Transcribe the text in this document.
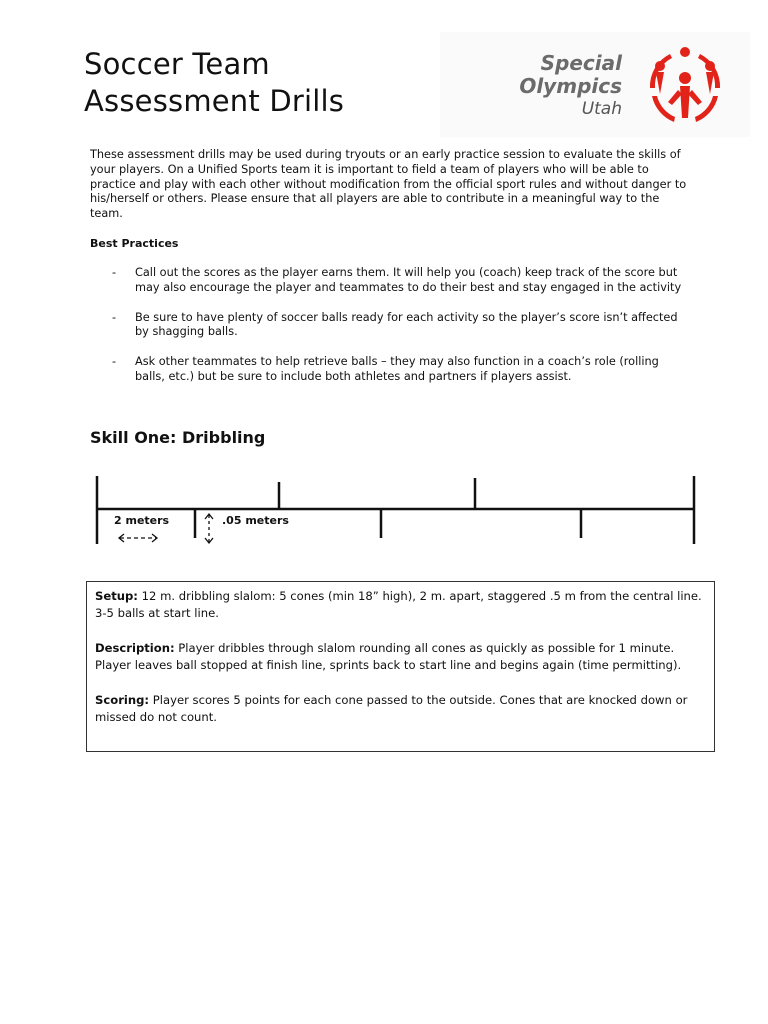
Soccer Team
Assessment Drills
Special
Olympics
Utah
These assessment drills may be used during tryouts or an early practice session to evaluate the skills of your players. On a Unified Sports team it is important to field a team of players who will be able to practice and play with each other without modification from the official sport rules and without danger to his/herself or others. Please ensure that all players are able to contribute in a meaningful way to the team.
Best Practices
- Call out the scores as the player earns them. It will help you (coach) keep track of the score but may also encourage the player and teammates to do their best and stay engaged in the activity
- Be sure to have plenty of soccer balls ready for each activity so the player’s score isn’t affected by shagging balls.
- Ask other teammates to help retrieve balls – they may also function in a coach’s role (rolling balls, etc.) but be sure to include both athletes and partners if players assist.
Skill One: Dribbling
2 meters	.05 meters

Setup: 12 m. dribbling slalom: 5 cones (min 18” high), 2 m. apart, staggered .5 m from the central line. 3-5 balls at start line.

Description: Player dribbles through slalom rounding all cones as quickly as possible for 1 minute. Player leaves ball stopped at finish line, sprints back to start line and begins again (time permitting).

Scoring: Player scores 5 points for each cone passed to the outside. Cones that are knocked down or missed do not count.
